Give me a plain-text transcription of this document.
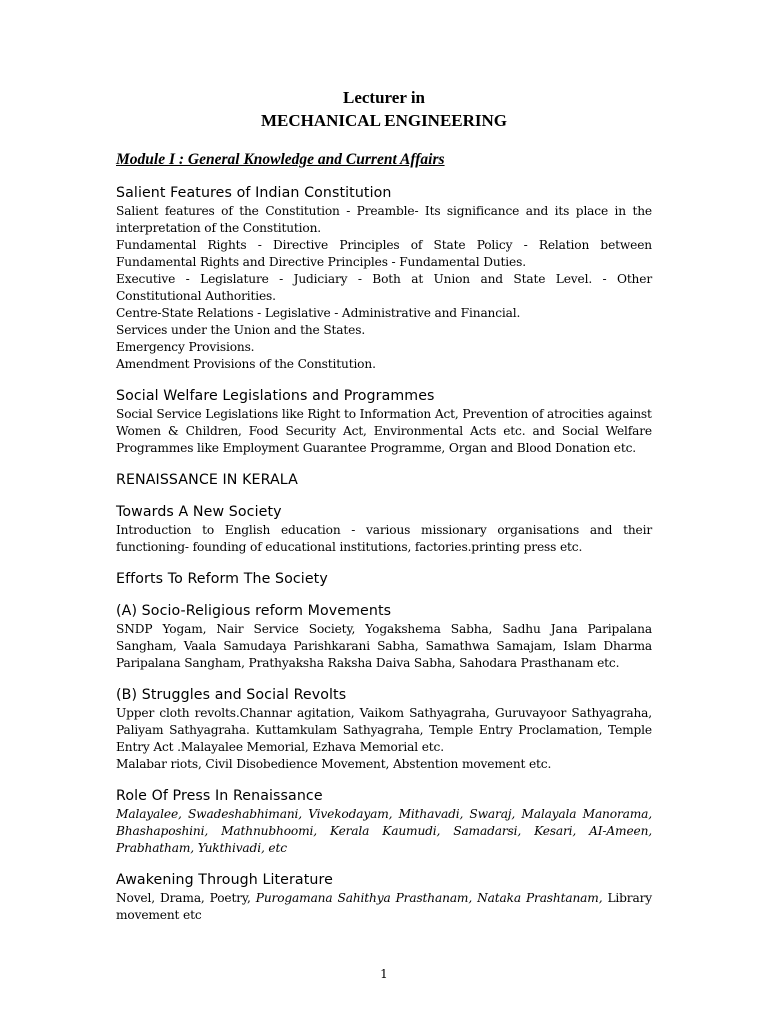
Lecturer in

MECHANICAL ENGINEERING

Module I : General Knowledge and Current Affairs

Salient Features of Indian Constitution

Salient features of the Constitution - Preamble- Its significance and its place in the interpretation of the Constitution.

Fundamental Rights - Directive Principles of State Policy - Relation between Fundamental Rights and Directive Principles - Fundamental Duties.

Executive - Legislature - Judiciary - Both at Union and State Level. - Other Constitutional Authorities.

Centre-State Relations - Legislative - Administrative and Financial.

Services under the Union and the States.

Emergency Provisions.

Amendment Provisions of the Constitution.

Social Welfare Legislations and Programmes

Social Service Legislations like Right to Information Act, Prevention of atrocities against

Women & Children, Food Security Act, Environmental Acts etc. and Social Welfare Programmes like Employment Guarantee Programme, Organ and Blood Donation etc.

RENAISSANCE IN KERALA

Towards A New Society

Introduction to English education - various missionary organisations and their functioning- founding of educational institutions, factories.printing press etc.

Efforts To Reform The Society

(A) Socio-Religious reform Movements

SNDP Yogam, Nair Service Society, Yogakshema Sabha, Sadhu Jana Paripalana Sangham, Vaala Samudaya Parishkarani Sabha, Samathwa Samajam, Islam Dharma Paripalana Sangham, Prathyaksha Raksha Daiva Sabha, Sahodara Prasthanam etc.

(B) Struggles and Social Revolts

Upper cloth revolts.Channar agitation, Vaikom Sathyagraha, Guruvayoor Sathyagraha, Paliyam Sathyagraha. Kuttamkulam Sathyagraha, Temple Entry Proclamation, Temple Entry Act .Malayalee Memorial, Ezhava Memorial etc.

Malabar riots, Civil Disobedience Movement, Abstention movement etc.

Role Of Press In Renaissance

Malayalee, Swadeshabhimani, Vivekodayam, Mithavadi, Swaraj, Malayala Manorama, Bhashaposhini, Mathnubhoomi, Kerala Kaumudi, Samadarsi, Kesari, AI-Ameen, Prabhatham, Yukthivadi, etc

Awakening Through Literature

Novel, Drama, Poetry, Purogamana Sahithya Prasthanam, Nataka Prashtanam, Library movement etc

1
